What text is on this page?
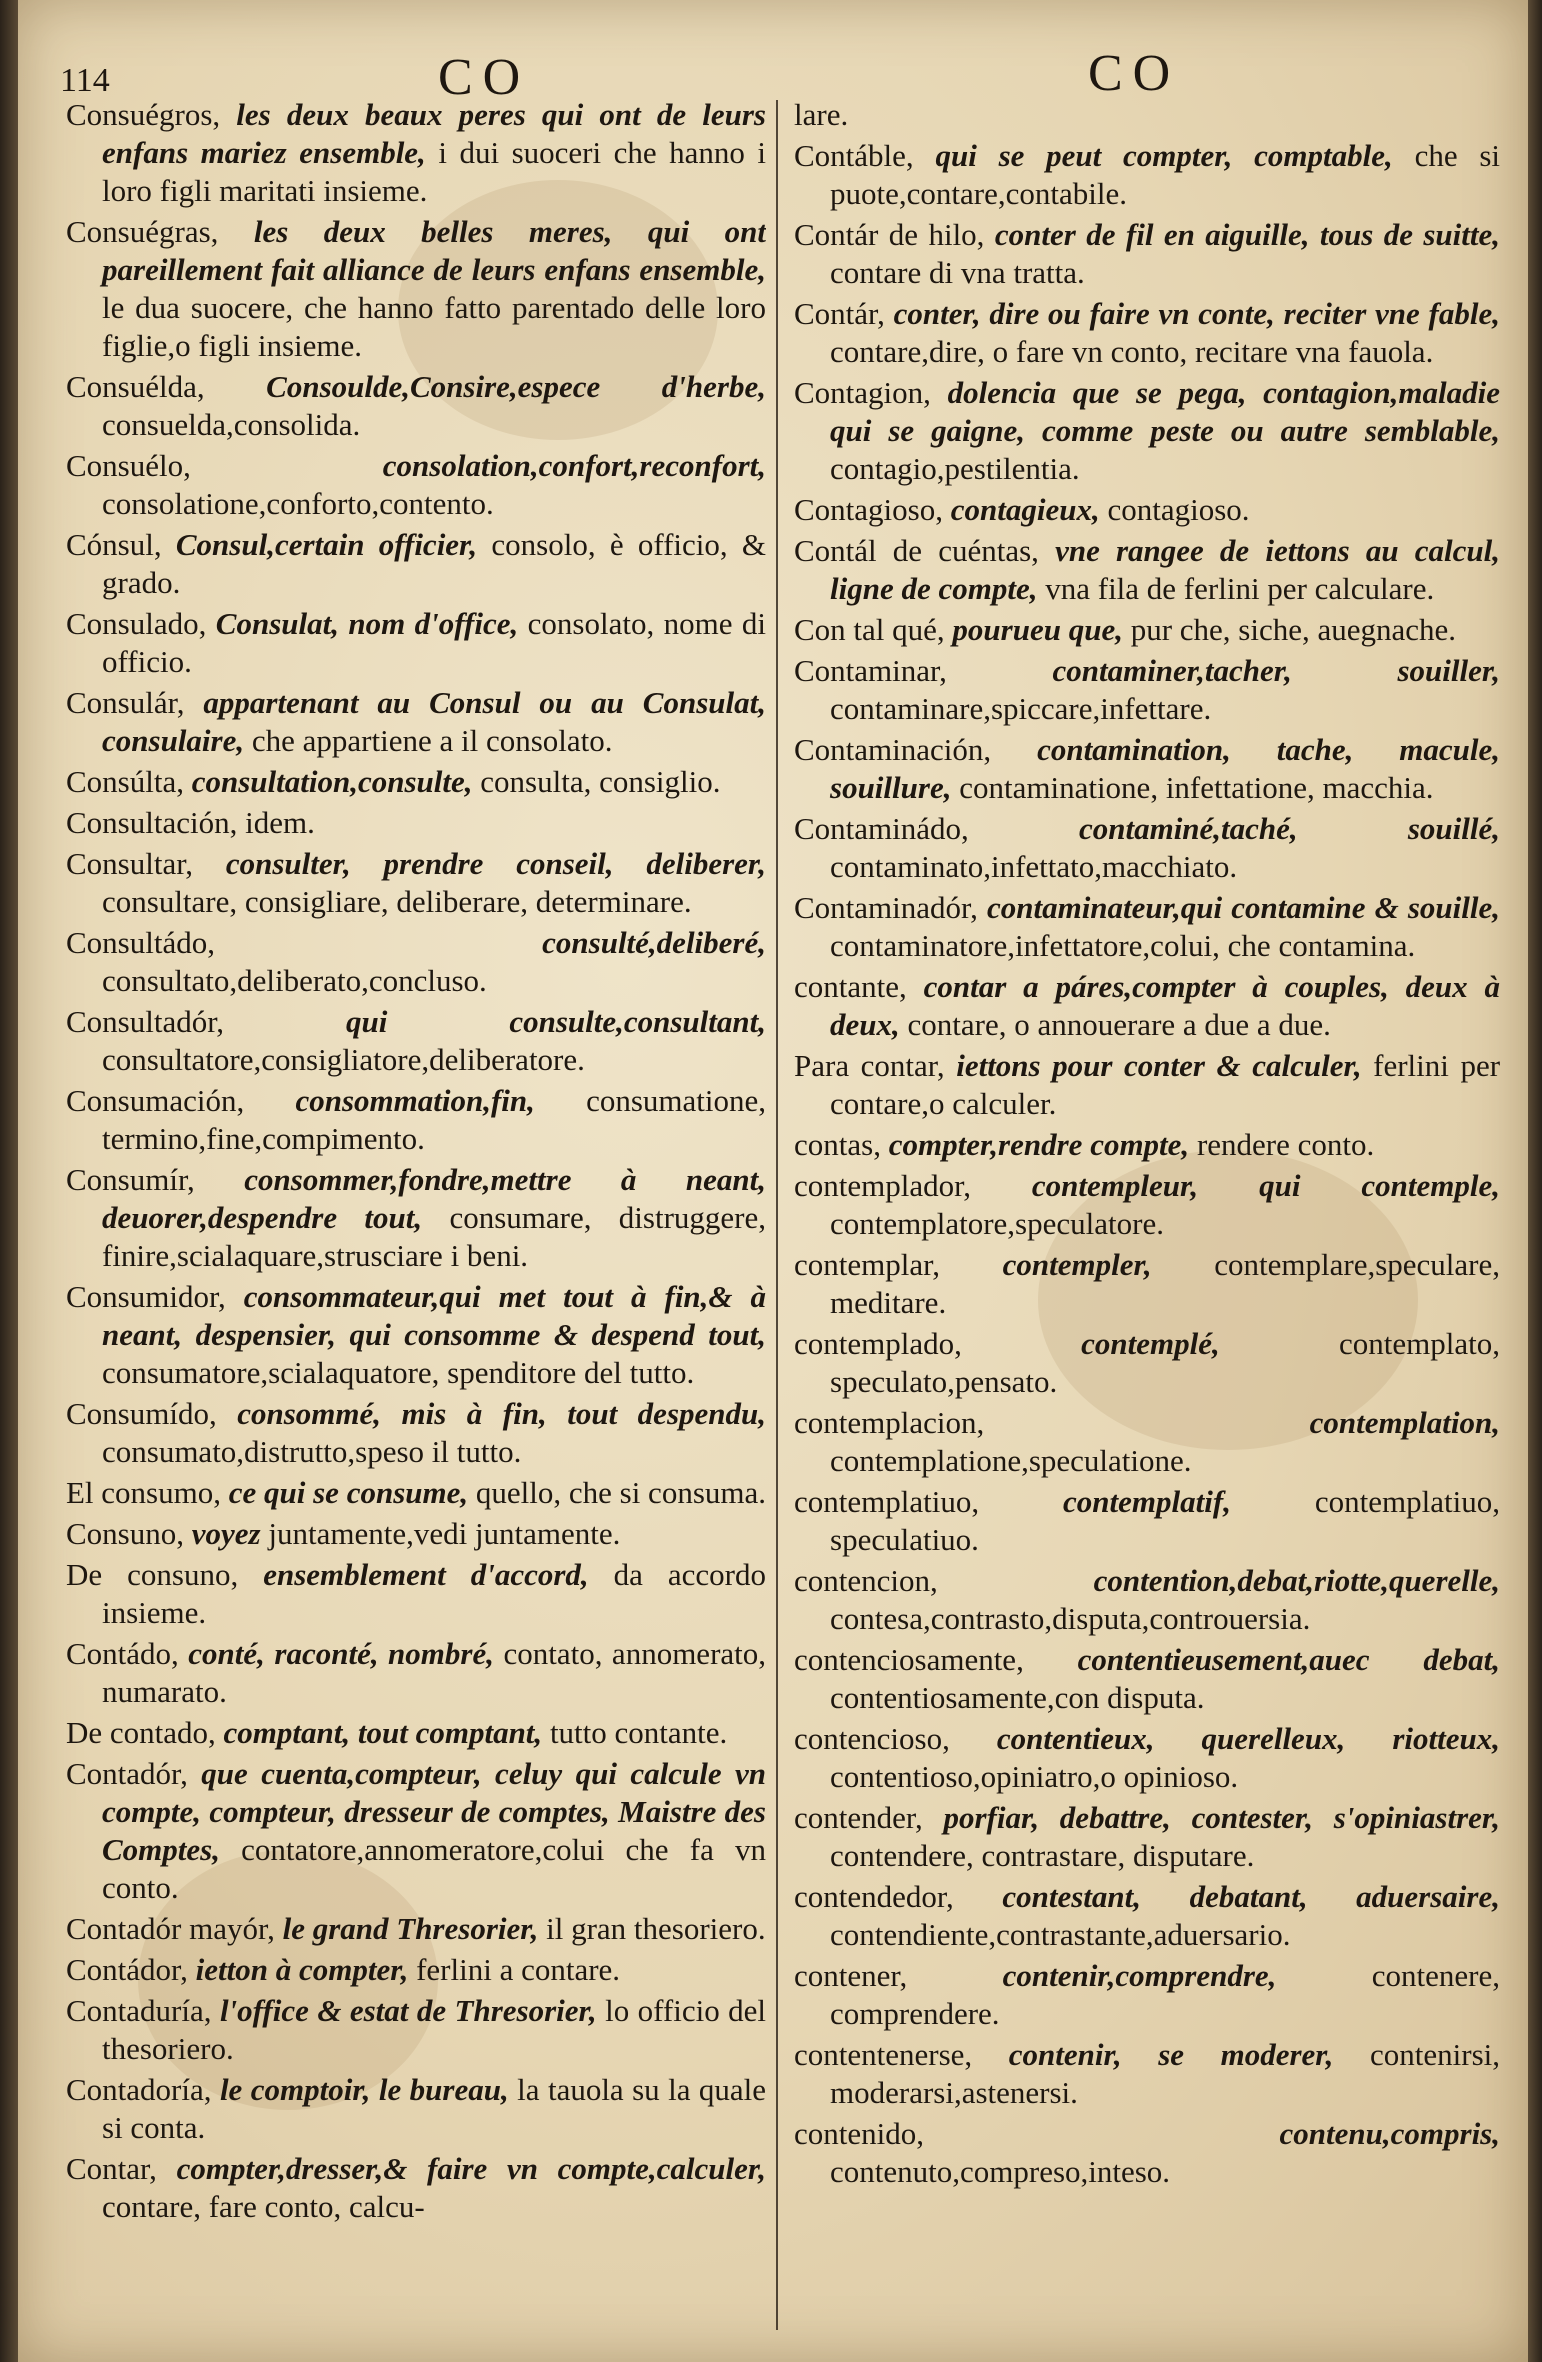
114	CO	CO

Consuégros, les deux beaux peres qui ont de leurs enfans mariez ensemble, i dui suoceri che hanno i loro figli maritati insieme.

Consuégras, les deux belles meres, qui ont pareillement fait alliance de leurs enfans ensemble, le dua suocere, che hanno fatto parentado delle loro figlie,o figli insieme.

Consuélda, Consoulde,Consire,espece d'herbe, consuelda,consolida.

Consuélo,	consolation,confort,reconfort, consolatione,conforto,contento.

Cónsul, Consul,certain officier, consolo, è officio, & grado.

Consulado, Consulat, nom d'office, consolato, nome di officio.

Consulár, appartenant au Consul ou au Consulat, consulaire, che appartiene a il consolato.

Consúlta, consultation,consulte, consulta, consiglio.

Consultación, idem.

Consultar, consulter, prendre conseil, deliberer, consultare, consigliare, deliberare, determinare.

Consultádo,	consulté,deliberé, consultato,deliberato,concluso.

Consultadór,	qui consulte,consultant, consultatore,consigliatore,deliberatore.

Consumación, consommation,fin, consumatione, termino,fine,compimento.

Consumír, consommer,fondre,mettre à neant, deuorer,despendre tout, consumare, distruggere, finire,scialaquare,strusciare i beni.

Consumidor, consommateur,qui met tout à fin,& à neant, despensier, qui consomme & despend tout, consumatore,scialaquatore, spenditore del tutto.

Consumído, consommé, mis à fin, tout despendu, consumato,distrutto,speso il tutto.

El consumo, ce qui se consume, quello, che si consuma.

Consuno, voyez juntamente,vedi juntamente.

De consuno, ensemblement d'accord, da accordo insieme.

Contádo, conté, raconté, nombré, contato, annomerato, numarato.

De contado, comptant, tout comptant, tutto contante.

Contadór, que cuenta,compteur, celuy qui calcule vn compte, compteur, dresseur de comptes, Maistre des Comptes, contatore,annomeratore,colui che fa vn conto.

Contadór mayór, le grand Thresorier, il gran thesoriero.

Contádor, ietton à compter, ferlini a contare.

Contaduría, l'office & estat de Thresorier, lo officio del thesoriero.

Contadoría, le comptoir, le bureau, la tauola su la quale si conta.

Contar, compter,dresser,& faire vn compte,calculer, contare, fare conto, calcu-

lare.

Contáble, qui se peut compter, comptable, che si puote,contare,contabile.

Contár de hilo, conter de fil en aiguille, tous de suitte, contare di vna tratta.

Contár, conter, dire ou faire vn conte, reciter vne fable, contare,dire, o fare vn conto, recitare vna fauola.

Contagion, dolencia que se pega, contagion,maladie qui se gaigne, comme peste ou autre semblable, contagio,pestilentia.

Contagioso, contagieux, contagioso.

Contál de cuéntas, vne rangee de iettons au calcul, ligne de compte, vna fila de ferlini per calculare.

Con tal qué, pourueu que, pur che, siche, auegnache.

Contaminar,	contaminer,tacher, souiller, contaminare,spiccare,infettare.

Contaminación, contamination, tache, macule, souillure, contaminatione, infettatione, macchia.

Contaminádo,	contaminé,taché, souillé, contaminato,infettato,macchiato.

Contaminadór, contaminateur,qui contamine & souille, contaminatore,infettatore,colui, che contamina.

contante, contar a páres,compter à couples, deux à deux, contare, o annouerare a due a due.

Para contar, iettons pour conter & calculer, ferlini per contare,o calculer.

contas, compter,rendre compte, rendere conto.

contemplador, contempleur, qui contemple, contemplatore,speculatore.

contemplar, contempler, contemplare,speculare, meditare.

contemplado,	contemplé,	contemplato, speculato,pensato.

contemplacion,	contemplation, contemplatione,speculatione.

contemplatiuo,	contemplatif,	contemplatiuo, speculatiuo.

contencion,	contention,debat,riotte,querelle, contesa,contrasto,disputa,controuersia.

contenciosamente, contentieusement,auec debat, contentiosamente,con disputa.

contencioso, contentieux, querelleux, riotteux, contentioso,opiniatro,o opinioso.

contender, porfiar, debattre, contester, s'opiniastrer, contendere, contrastare, disputare.

contendedor, contestant, debatant, aduersaire, contendiente,contrastante,aduersario.

contener,	contenir,comprendre,	contenere, comprendere.

contentenerse, contenir, se moderer, contenirsi, moderarsi,astenersi.

contenido,	contenu,compris, contenuto,compreso,inteso.
